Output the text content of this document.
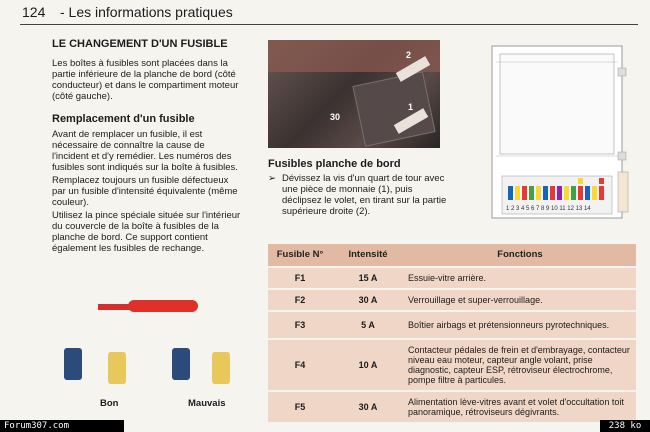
124 - Les informations pratiques
LE CHANGEMENT D'UN FUSIBLE

Les boîtes à fusibles sont placées dans la partie inférieure de la planche de bord (côté conducteur) et dans le compartiment moteur (côté gauche).

Remplacement d'un fusible

Avant de remplacer un fusible, il est nécessaire de connaître la cause de l'incident et d'y remédier. Les numéros des fusibles sont indiqués sur la boîte à fusibles.

Remplacez toujours un fusible défectueux par un fusible d'intensité équivalente (même couleur).

Utilisez la pince spéciale située sur l'intérieur du couvercle de la boîte à fusibles de la planche de bord. Ce support contient également les fusibles de rechange.

2
1
30
Fusibles planche de bord
➢ Dévissez la vis d'un quart de tour avec une pièce de monnaie (1), puis déclipsez le volet, en tirant sur la partie supérieure droite (2).	1 2 3 4 5 6 7 8 9 10 11 12 13 14
Bon	Mauvais
Fusible N°	Intensité	Fonctions
F1	15 A	Essuie-vitre arrière.
F2	30 A	Verrouillage et super-verrouillage.
F3	5 A	Boîtier airbags et prétensionneurs pyrotechniques.
F4	10 A	Contacteur pédales de frein et d'embrayage, contacteur niveau eau moteur, capteur angle volant, prise diagnostic, capteur ESP, rétroviseur électrochrome, pompe filtre à particules.
F5	30 A	Alimentation lève-vitres avant et volet d'occultation toit panoramique, rétroviseurs dégivrants.
Forum307.com	238 ko
